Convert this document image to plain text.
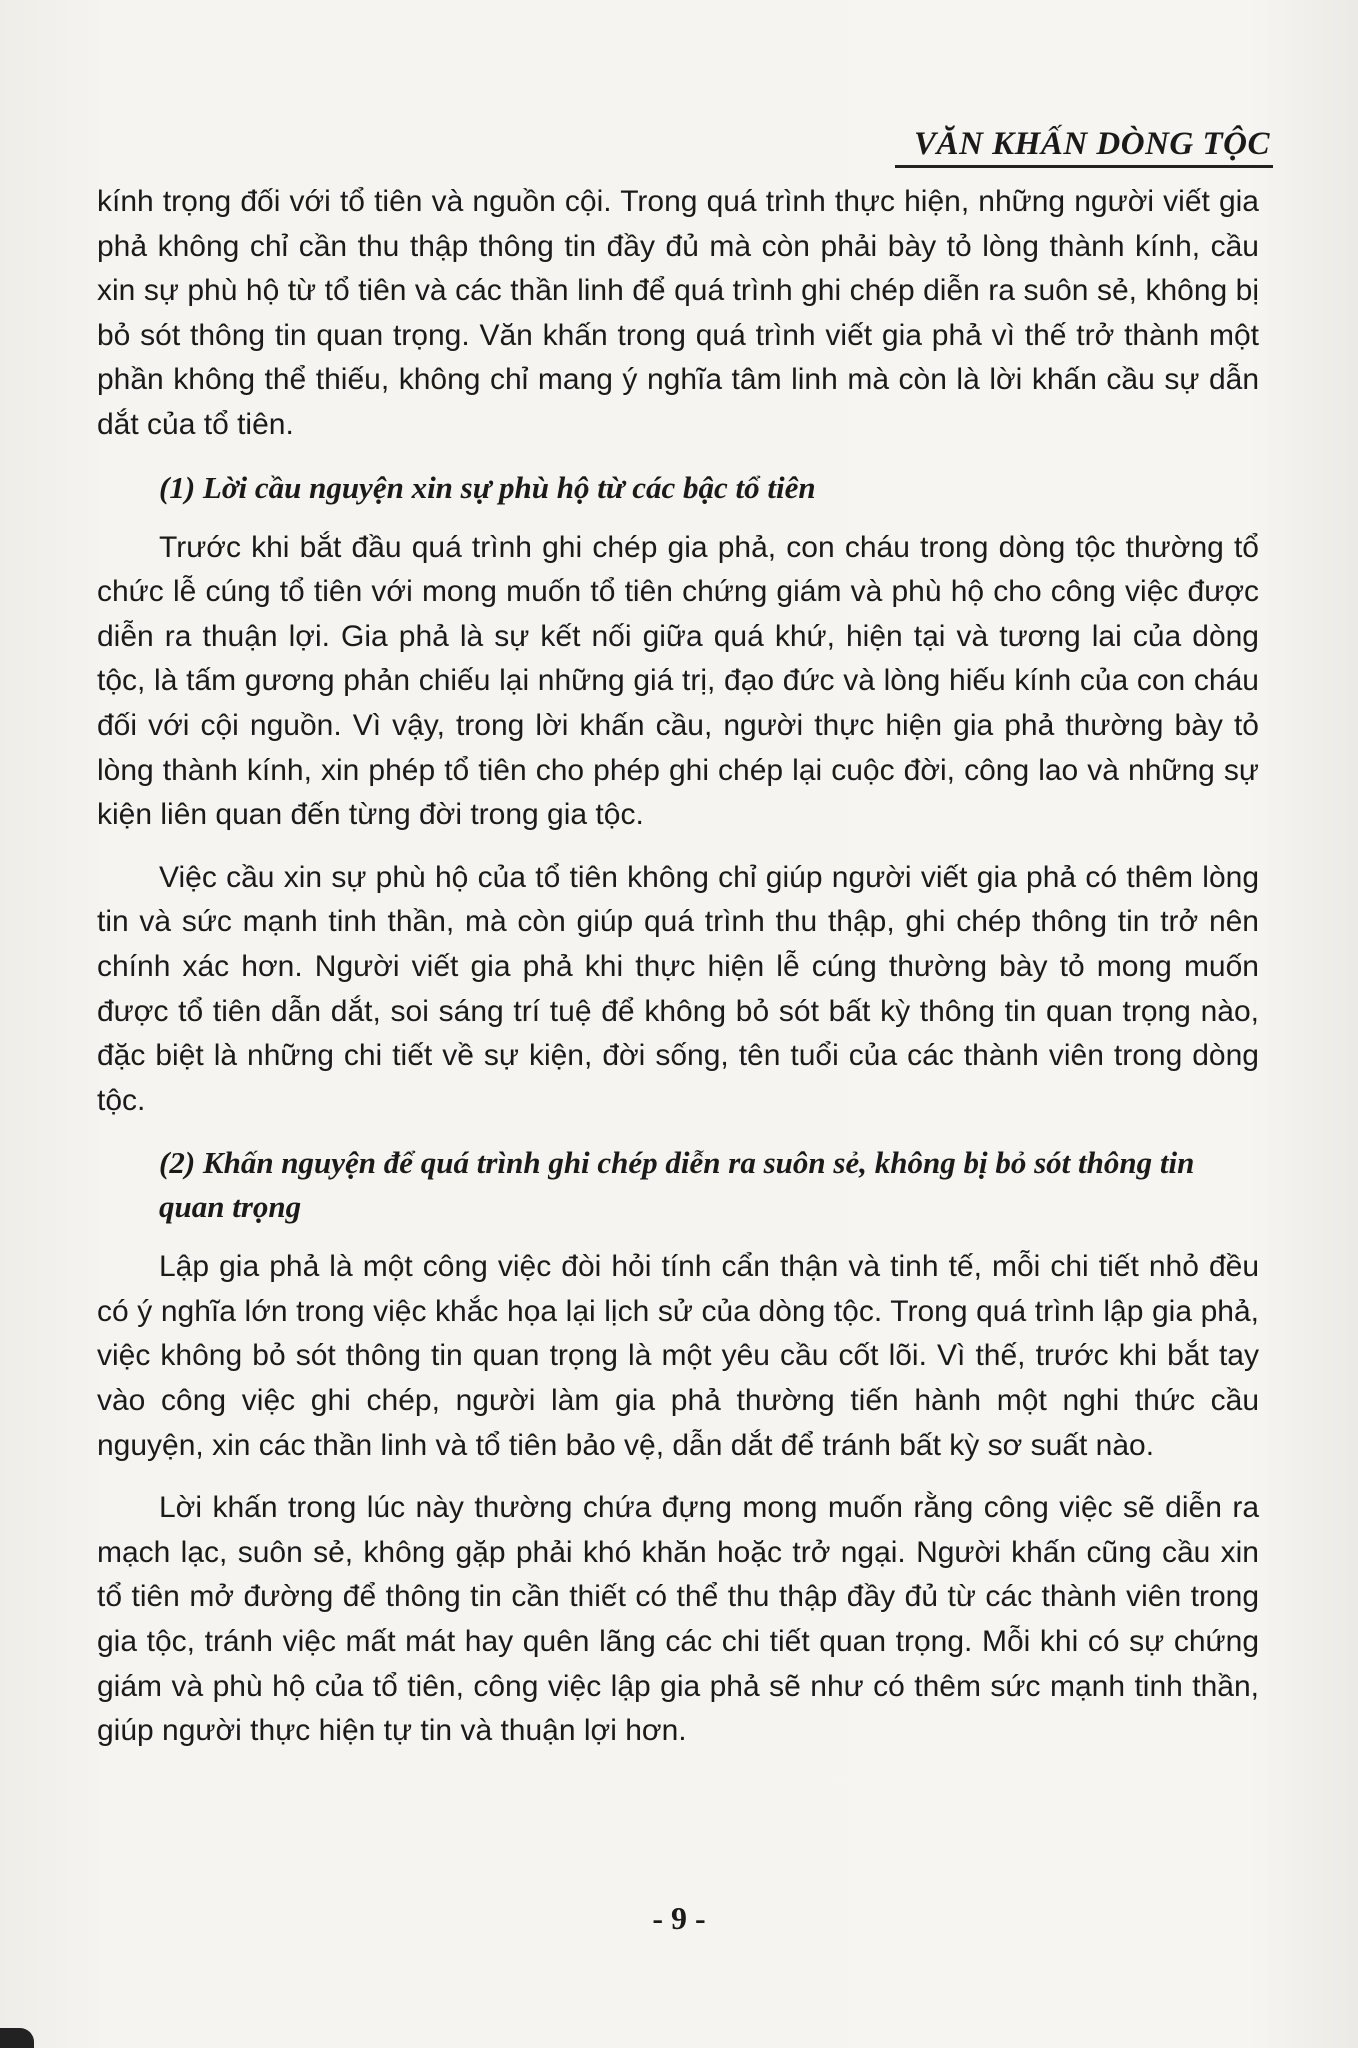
VĂN KHẤN DÒNG TỘC

kính trọng đối với tổ tiên và nguồn cội. Trong quá trình thực hiện, những người viết gia phả không chỉ cần thu thập thông tin đầy đủ mà còn phải bày tỏ lòng thành kính, cầu xin sự phù hộ từ tổ tiên và các thần linh để quá trình ghi chép diễn ra suôn sẻ, không bị bỏ sót thông tin quan trọng. Văn khấn trong quá trình viết gia phả vì thế trở thành một phần không thể thiếu, không chỉ mang ý nghĩa tâm linh mà còn là lời khấn cầu sự dẫn dắt của tổ tiên.

(1) Lời cầu nguyện xin sự phù hộ từ các bậc tổ tiên

Trước khi bắt đầu quá trình ghi chép gia phả, con cháu trong dòng tộc thường tổ chức lễ cúng tổ tiên với mong muốn tổ tiên chứng giám và phù hộ cho công việc được diễn ra thuận lợi. Gia phả là sự kết nối giữa quá khứ, hiện tại và tương lai của dòng tộc, là tấm gương phản chiếu lại những giá trị, đạo đức và lòng hiếu kính của con cháu đối với cội nguồn. Vì vậy, trong lời khấn cầu, người thực hiện gia phả thường bày tỏ lòng thành kính, xin phép tổ tiên cho phép ghi chép lại cuộc đời, công lao và những sự kiện liên quan đến từng đời trong gia tộc.

Việc cầu xin sự phù hộ của tổ tiên không chỉ giúp người viết gia phả có thêm lòng tin và sức mạnh tinh thần, mà còn giúp quá trình thu thập, ghi chép thông tin trở nên chính xác hơn. Người viết gia phả khi thực hiện lễ cúng thường bày tỏ mong muốn được tổ tiên dẫn dắt, soi sáng trí tuệ để không bỏ sót bất kỳ thông tin quan trọng nào, đặc biệt là những chi tiết về sự kiện, đời sống, tên tuổi của các thành viên trong dòng tộc.

(2) Khấn nguyện để quá trình ghi chép diễn ra suôn sẻ, không bị bỏ sót thông tin quan trọng

Lập gia phả là một công việc đòi hỏi tính cẩn thận và tinh tế, mỗi chi tiết nhỏ đều có ý nghĩa lớn trong việc khắc họa lại lịch sử của dòng tộc. Trong quá trình lập gia phả, việc không bỏ sót thông tin quan trọng là một yêu cầu cốt lõi. Vì thế, trước khi bắt tay vào công việc ghi chép, người làm gia phả thường tiến hành một nghi thức cầu nguyện, xin các thần linh và tổ tiên bảo vệ, dẫn dắt để tránh bất kỳ sơ suất nào.

Lời khấn trong lúc này thường chứa đựng mong muốn rằng công việc sẽ diễn ra mạch lạc, suôn sẻ, không gặp phải khó khăn hoặc trở ngại. Người khấn cũng cầu xin tổ tiên mở đường để thông tin cần thiết có thể thu thập đầy đủ từ các thành viên trong gia tộc, tránh việc mất mát hay quên lãng các chi tiết quan trọng. Mỗi khi có sự chứng giám và phù hộ của tổ tiên, công việc lập gia phả sẽ như có thêm sức mạnh tinh thần, giúp người thực hiện tự tin và thuận lợi hơn.

- 9 -
